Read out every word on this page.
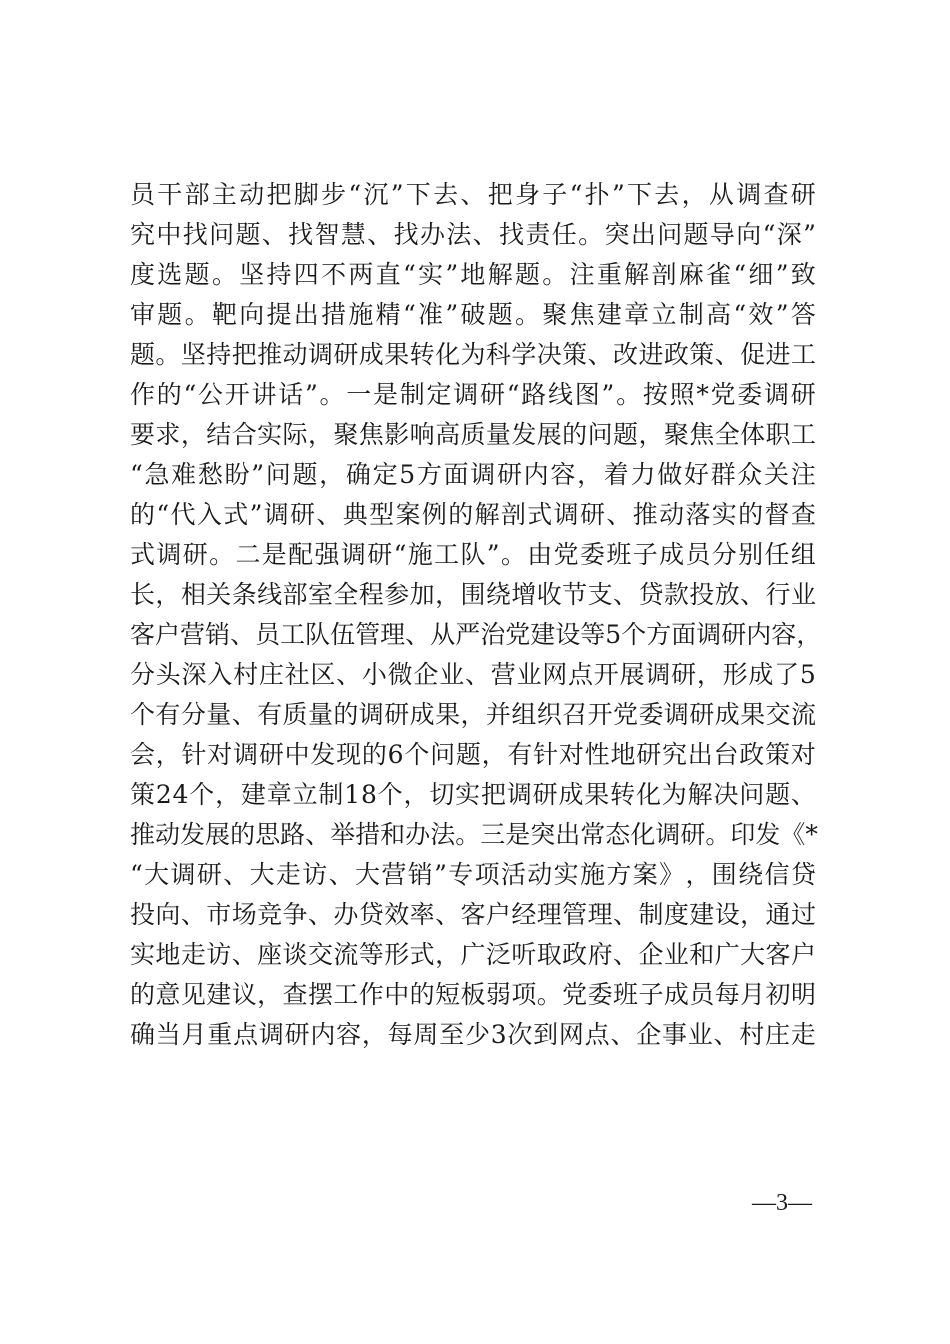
员 干 部 主 动 把 脚 步 “ 沉 ” 下 去 、 把 身 子 “ 扑 ” 下 去 ， 从 调 查 研
究 中 找 问 题 、 找 智 慧 、 找 办 法 、 找 责 任 。 突 出 问 题 导 向 “ 深 ”
度 选 题 。 坚 持 四 不 两 直 “ 实 ” 地 解 题 。 注 重 解 剖 麻 雀 “ 细 ” 致
审 题 。 靶 向 提 出 措 施 精 “ 准 ” 破 题 。 聚 焦 建 章 立 制 高 “ 效 ” 答
题 。 坚 持 把 推 动 调 研 成 果 转 化 为 科 学 决 策 、 改 进 政 策 、 促 进 工
作 的 “ 公 开 讲 话 ” 。 一 是 制 定 调 研 “ 路 线 图 ” 。 按 照 * 党 委 调 研
要 求 ， 结 合 实 际 ， 聚 焦 影 响 高 质 量 发 展 的 问 题 ， 聚 焦 全 体 职 工
“ 急 难 愁 盼 ” 问 题 ， 确 定 5 方 面 调 研 内 容 ， 着 力 做 好 群 众 关 注
的 “ 代 入 式 ” 调 研 、 典 型 案 例 的 解 剖 式 调 研 、 推 动 落 实 的 督 查
式 调 研 。 二 是 配 强 调 研 “ 施 工 队 ” 。 由 党 委 班 子 成 员 分 别 任 组
长 ， 相 关 条 线 部 室 全 程 参 加 ， 围 绕 增 收 节 支 、 贷 款 投 放 、 行 业
客 户 营 销 、 员 工 队 伍 管 理 、 从 严 治 党 建 设 等 5 个 方 面 调 研 内 容 ，
分 头 深 入 村 庄 社 区 、 小 微 企 业 、 营 业 网 点 开 展 调 研 ， 形 成 了 5
个 有 分 量 、 有 质 量 的 调 研 成 果 ， 并 组 织 召 开 党 委 调 研 成 果 交 流
会 ， 针 对 调 研 中 发 现 的 6 个 问 题 ， 有 针 对 性 地 研 究 出 台 政 策 对
策 2 4 个 ， 建 章 立 制 1 8 个 ， 切 实 把 调 研 成 果 转 化 为 解 决 问 题 、
推 动 发 展 的 思 路 、 举 措 和 办 法 。 三 是 突 出 常 态 化 调 研 。 印 发 《 *
“ 大 调 研 、 大 走 访 、 大 营 销 ” 专 项 活 动 实 施 方 案 》 ， 围 绕 信 贷
投 向 、 市 场 竞 争 、 办 贷 效 率 、 客 户 经 理 管 理 、 制 度 建 设 ， 通 过
实 地 走 访 、 座 谈 交 流 等 形 式 ， 广 泛 听 取 政 府 、 企 业 和 广 大 客 户
的 意 见 建 议 ， 查 摆 工 作 中 的 短 板 弱 项 。 党 委 班 子 成 员 每 月 初 明
确 当 月 重 点 调 研 内 容 ， 每 周 至 少 3 次 到 网 点 、 企 事 业 、 村 庄 走
—3—
